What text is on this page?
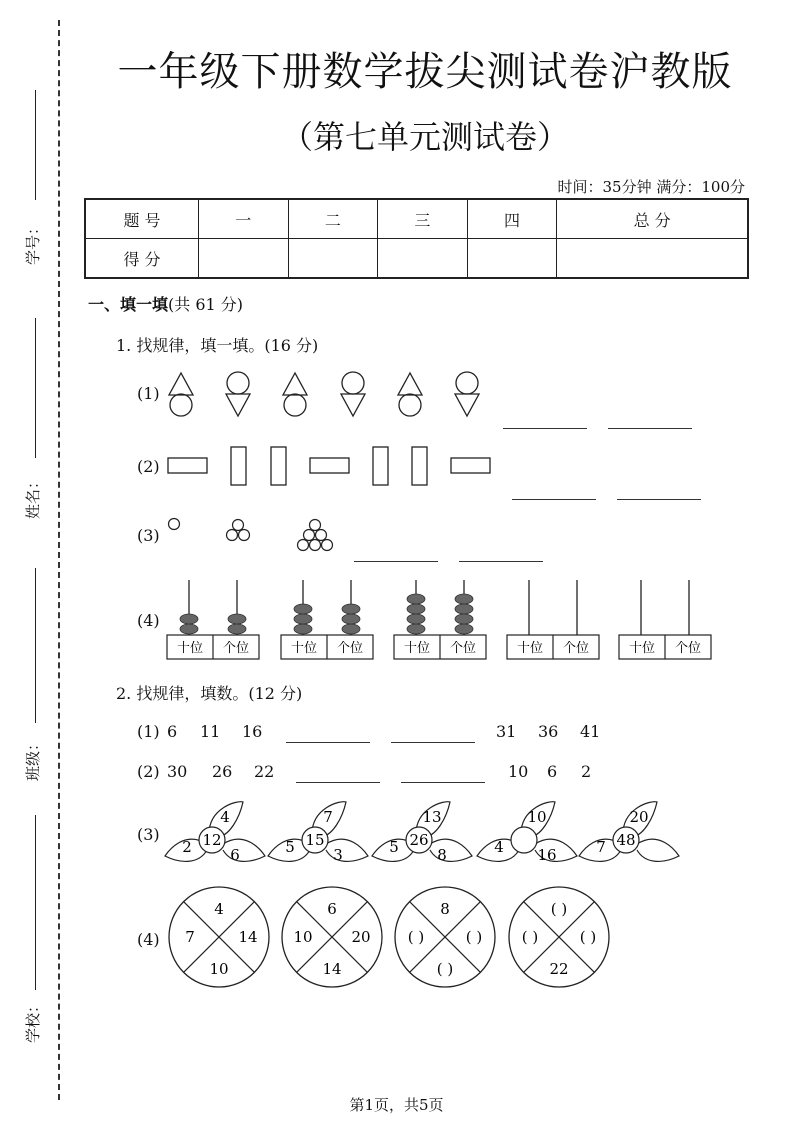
学号：
姓名：
班级：
学校：
一年级下册数学拔尖测试卷沪教版
（第七单元测试卷）
时间：35分钟 满分：100分
题 号	一	二	三	四	总 分
得 分					
一、填一填(共 61 分)
1. 找规律，填一填。(16 分)
(1)
十位 个位	十位 个位	十位 个位	十位 个位	十位 个位
4
2 12
6
7
5 15
3
13
5 26
8
10
4 16
20
7 48
4
7	14
10
6
10	20
14
8
( )	( )
( )
( )
( )	( )
22
(2)
(3)
(4)
2. 找规律，填数。(12 分)
(1) 6 11 16	31 36 41
(2) 30 26 22	10 6 2
(3)
(4)
第1页，共5页
